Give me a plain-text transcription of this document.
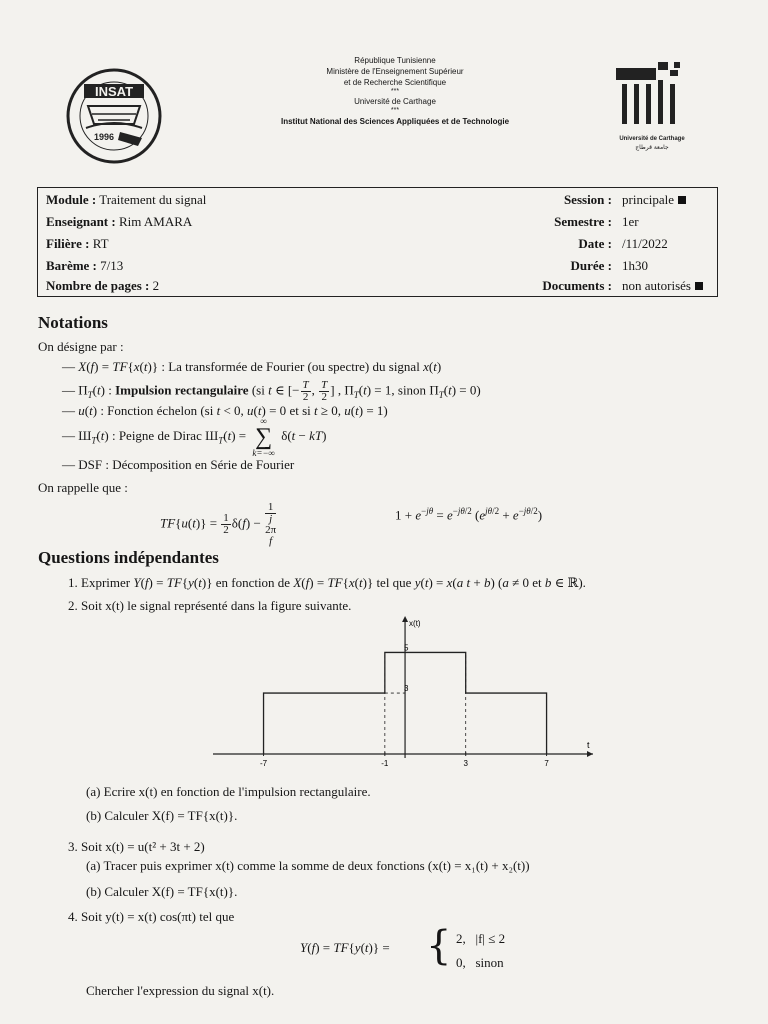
INSAT
1996
République Tunisienne
Ministère de l'Enseignement Supérieur
et de Recherche Scientifique
***
Université de Carthage
***
Institut National des Sciences Appliquées et de Technologie
Université de Carthage
جامعة قرطاج
Module : Traitement du signal
Enseignant : Rim AMARA
Filière : RT
Barème : 7/13
Nombre de pages : 2
Session : principale
Semestre : 1er
Date : /11/2022
Durée : 1h30
Documents : non autorisés
Notations
On désigne par :
— X(f) = TF{x(t)} : La transformée de Fourier (ou spectre) du signal x(t)
— $\Pi_T(t)$ : Impulsion rectangulaire (si t ∈ [− $\frac{T}{2}$ , $\frac{T}{2}$ ] , $\Pi_T(t) = 1$, sinon $\Pi_T(t) = 0$)
— u(t) : Fonction échelon (si t < 0, u(t) = 0 et si t ≥ 0, u(t) = 1)
— $Ш_T(t)$ : Peigne de Dirac $Ш_T(t)$ =
∞
∑
k=−∞
δ(t − kT)
— DSF : Décomposition en Série de Fourier
On rappelle que :
$TF\{u(t)\} = \frac{1}{2} \delta(f)$ −
1
j
2π
f
$1 + e^{-j\theta} = e^{-j\theta/2}$ $(e^{j\theta/2} + e^{-j\theta/2})$
Questions indépendantes
1. Exprimer Y(f) = TF{y(t)} en fonction de X(f) = TF{x(t)} tel que y(t) = x(a t + b) (a ≠ 0 et b ∈ ℝ).
2. Soit x(t) le signal représenté dans la figure suivante.
t
x(t)
-7	-1	3	7
3
5
(a) Ecrire x(t) en fonction de l'impulsion rectangulaire.
(b) Calculer X(f) = TF{x(t)}.
3. Soit x(t) = u(t² + 3t + 2)
(a) Tracer puis exprimer x(t) comme la somme de deux fonctions (x(t) = x₁(t) + x₂(t))
(b) Calculer X(f) = TF{x(t)}.
4. Soit y(t) = x(t) cos(πt) tel que
Y(f) = TF{y(t)} = { 2, |f| ≤ 2
0, sinon
Chercher l'expression du signal x(t).
